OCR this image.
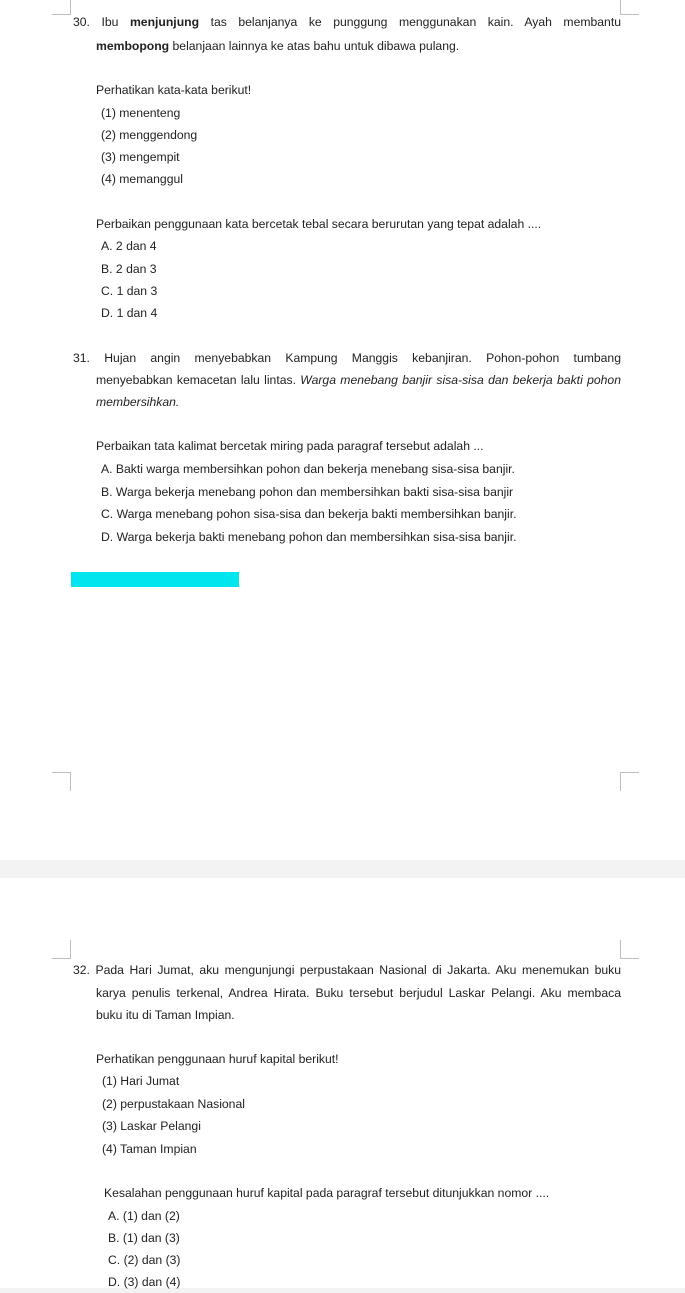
30. Ibu menjunjung tas belanjanya ke punggung menggunakan kain. Ayah membantu
membopong belanjaan lainnya ke atas bahu untuk dibawa pulang.
Perhatikan kata-kata berikut!
(1) menenteng
(2) menggendong
(3) mengempit
(4) memanggul
Perbaikan penggunaan kata bercetak tebal secara berurutan yang tepat adalah ....
A. 2 dan 4
B. 2 dan 3
C. 1 dan 3
D. 1 dan 4
31. Hujan angin menyebabkan Kampung Manggis kebanjiran. Pohon-pohon tumbang
menyebabkan kemacetan lalu lintas. Warga menebang banjir sisa-sisa dan bekerja bakti pohon
membersihkan.
Perbaikan tata kalimat bercetak miring pada paragraf tersebut adalah ...
A. Bakti warga membersihkan pohon dan bekerja menebang sisa-sisa banjir.
B. Warga bekerja menebang pohon dan membersihkan bakti sisa-sisa banjir
C. Warga menebang pohon sisa-sisa dan bekerja bakti membersihkan banjir.
D. Warga bekerja bakti menebang pohon dan membersihkan sisa-sisa banjir.
32. Pada Hari Jumat, aku mengunjungi perpustakaan Nasional di Jakarta. Aku menemukan buku
karya penulis terkenal, Andrea Hirata. Buku tersebut berjudul Laskar Pelangi. Aku membaca
buku itu di Taman Impian.
Perhatikan penggunaan huruf kapital berikut!
(1) Hari Jumat
(2) perpustakaan Nasional
(3) Laskar Pelangi
(4) Taman Impian
Kesalahan penggunaan huruf kapital pada paragraf tersebut ditunjukkan nomor ....
A. (1) dan (2)
B. (1) dan (3)
C. (2) dan (3)
D. (3) dan (4)
